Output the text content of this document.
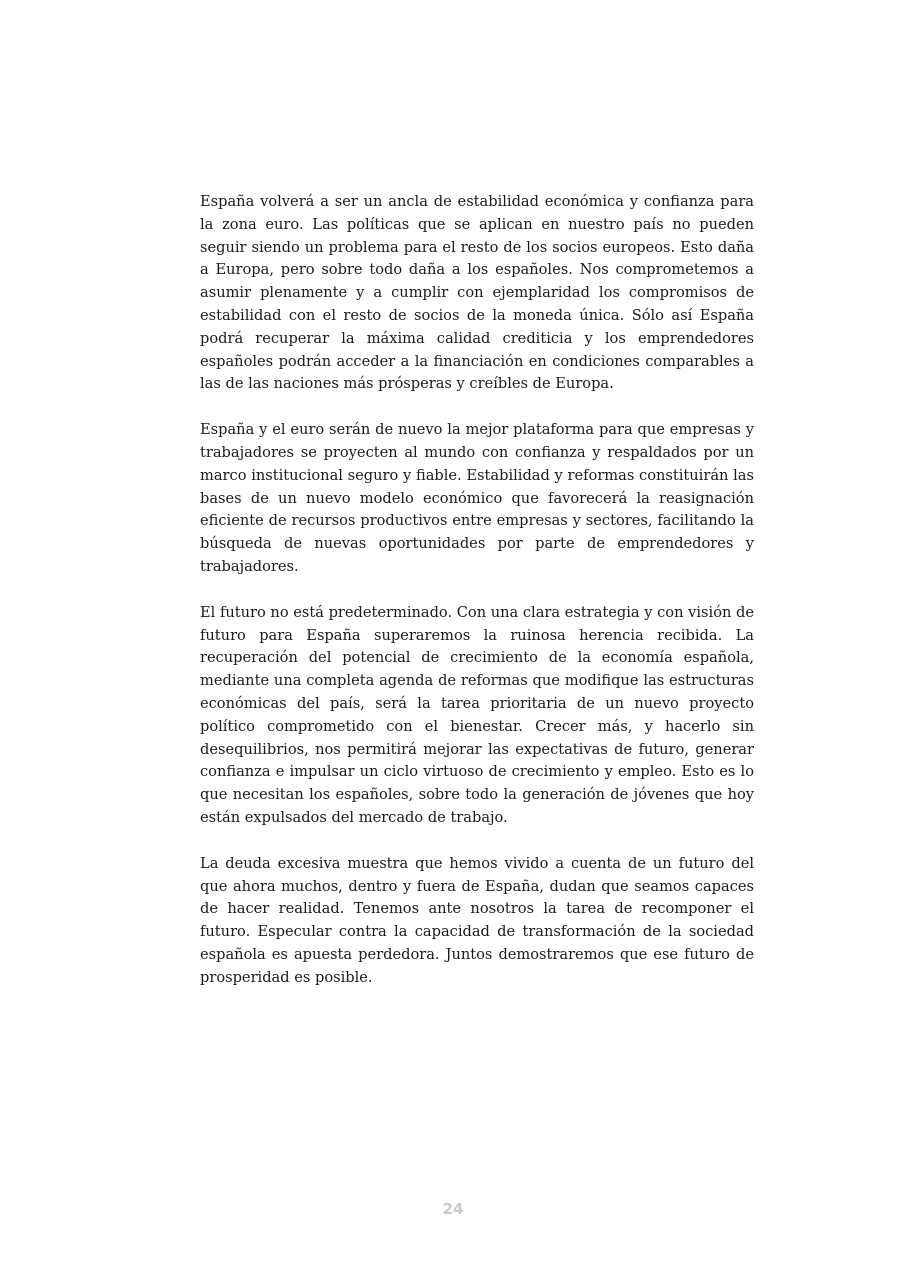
España volverá a ser un ancla de estabilidad económica y confianza para la zona euro. Las políticas que se aplican en nuestro país no pueden seguir siendo un problema para el resto de los socios europeos. Esto daña a Europa, pero sobre todo daña a los españoles. Nos comprometemos a asumir plenamente y a cumplir con ejemplaridad los compromisos de estabilidad con el resto de socios de la moneda única. Sólo así España podrá recuperar la máxima calidad crediticia y los emprendedores españoles podrán acceder a la financiación en condiciones comparables a las de las naciones más prósperas y creíbles de Europa.

España y el euro serán de nuevo la mejor plataforma para que empresas y trabajadores se proyecten al mundo con confianza y respaldados por un marco institucional seguro y fiable. Estabilidad y reformas constituirán las bases de un nuevo modelo económico que favorecerá la reasignación eficiente de recursos productivos entre empresas y sectores, facilitando la búsqueda de nuevas oportunidades por parte de emprendedores y trabajadores.

El futuro no está predeterminado. Con una clara estrategia y con visión de futuro para España superaremos la ruinosa herencia recibida. La recuperación del potencial de crecimiento de la economía española, mediante una completa agenda de reformas que modifique las estructuras económicas del país, será la tarea prioritaria de un nuevo proyecto político comprometido con el bienestar. Crecer más, y hacerlo sin desequilibrios, nos permitirá mejorar las expectativas de futuro, generar confianza e impulsar un ciclo virtuoso de crecimiento y empleo. Esto es lo que necesitan los españoles, sobre todo la generación de jóvenes que hoy están expulsados del mercado de trabajo.

La deuda excesiva muestra que hemos vivido a cuenta de un futuro del que ahora muchos, dentro y fuera de España, dudan que seamos capaces de hacer realidad. Tenemos ante nosotros la tarea de recomponer el futuro. Especular contra la capacidad de transformación de la sociedad española es apuesta perdedora. Juntos demostraremos que ese futuro de prosperidad es posible.

24
